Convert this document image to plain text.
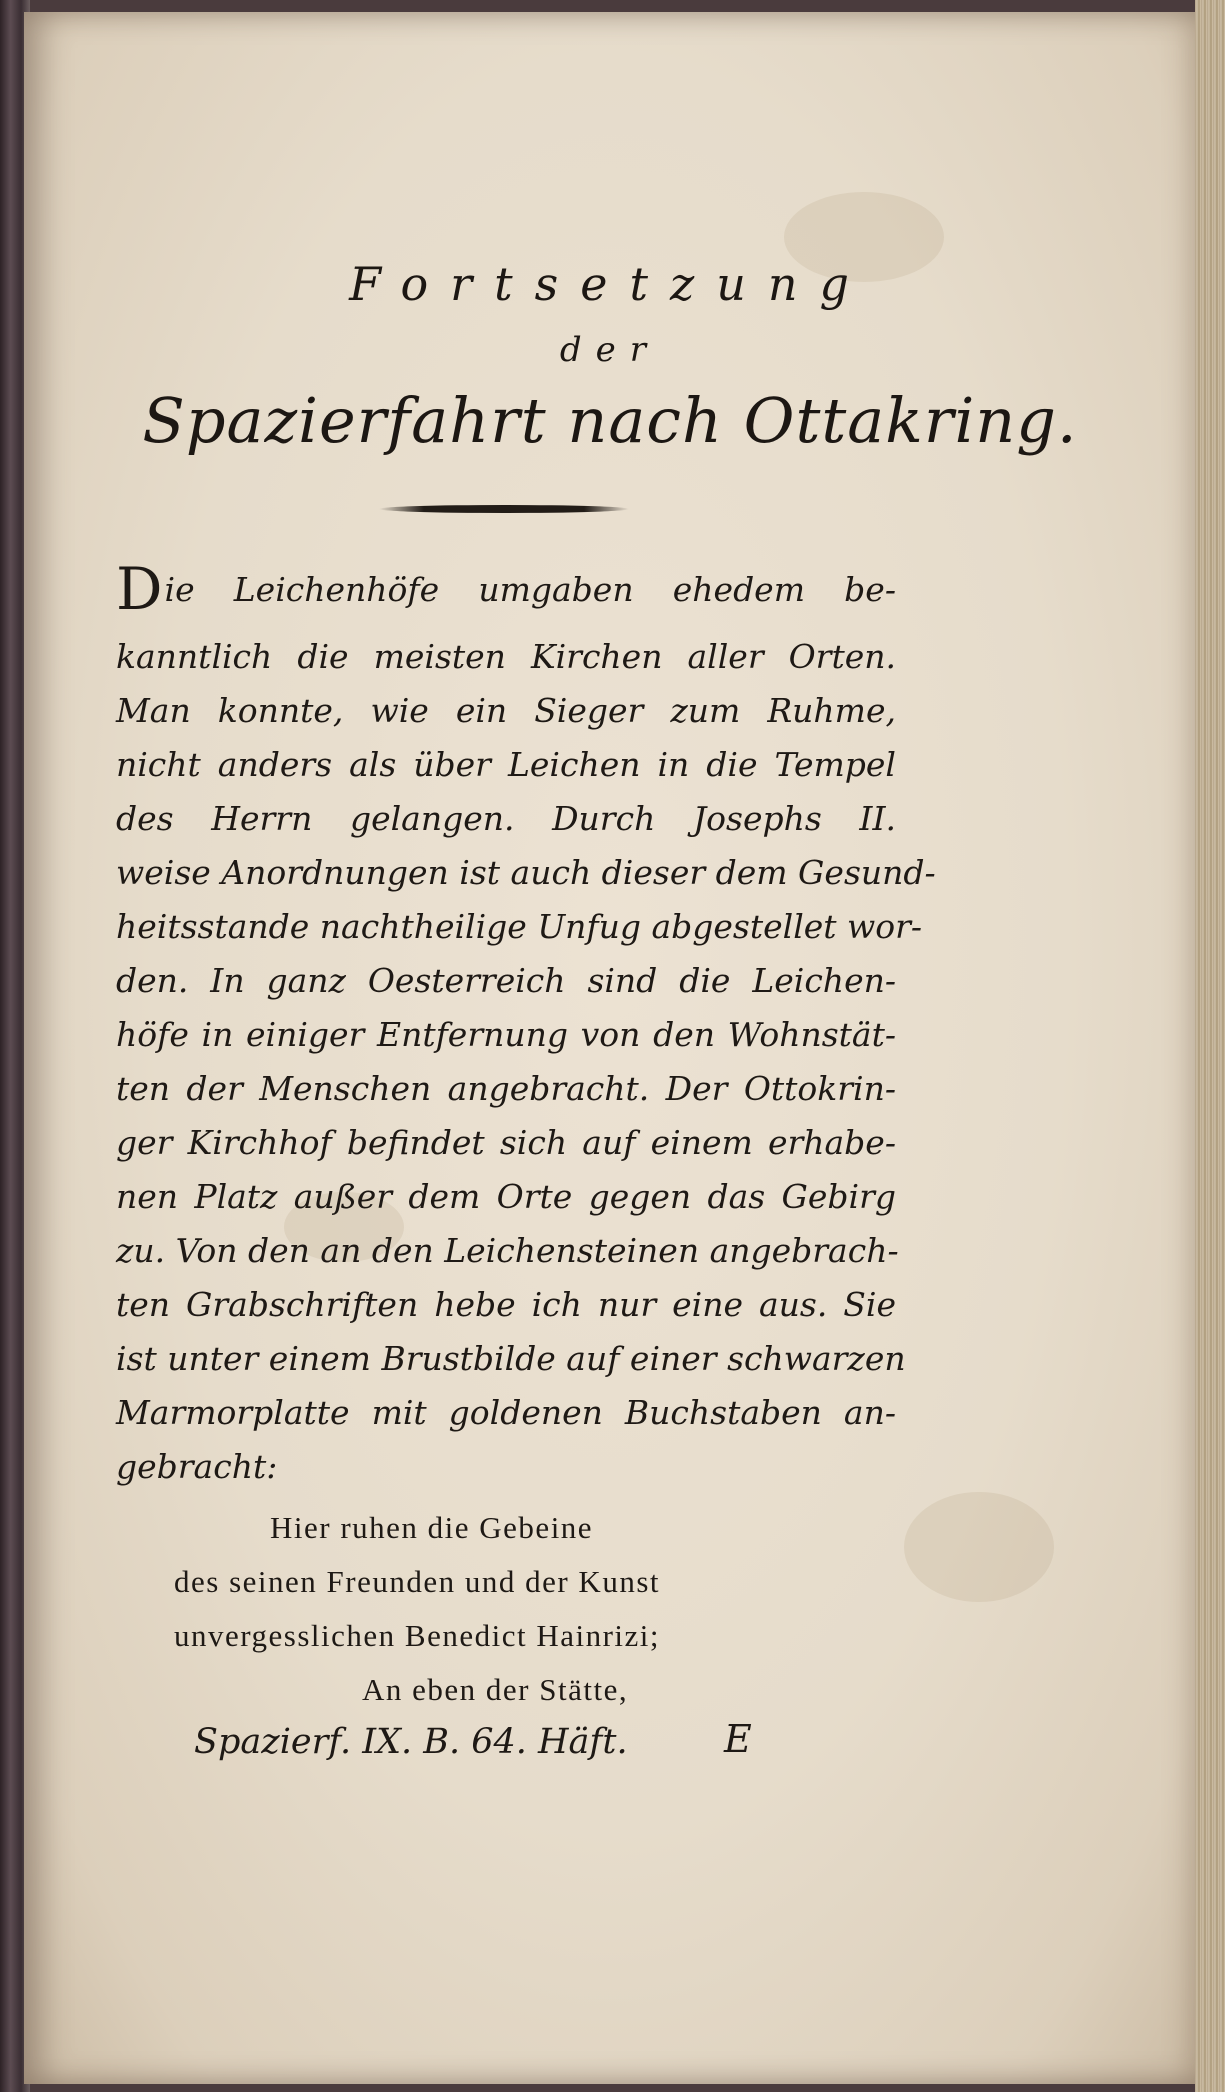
Fortsetzung
der
Spazierfahrt nach Ottakring.
Die Leichenhöfe umgaben ehedem be-
kanntlich die meisten Kirchen aller Orten.
Man konnte, wie ein Sieger zum Ruhme,
nicht anders als über Leichen in die Tempel
des Herrn gelangen. Durch Josephs II.
weise Anordnungen ist auch dieser dem Gesund-
heitsstande nachtheilige Unfug abgestellet wor-
den. In ganz Oesterreich sind die Leichen-
höfe in einiger Entfernung von den Wohnstät-
ten der Menschen angebracht. Der Ottokrin-
ger Kirchhof befindet sich auf einem erhabe-
nen Platz außer dem Orte gegen das Gebirg
zu. Von den an den Leichensteinen angebrach-
ten Grabschriften hebe ich nur eine aus. Sie
ist unter einem Brustbilde auf einer schwarzen
Marmorplatte mit goldenen Buchstaben an-
gebracht:
Hier ruhen die Gebeine
des seinen Freunden und der Kunst
unvergesslichen Benedict Hainrizi;
An eben der Stätte,
Spazierf. IX. B. 64. Häft.	E
